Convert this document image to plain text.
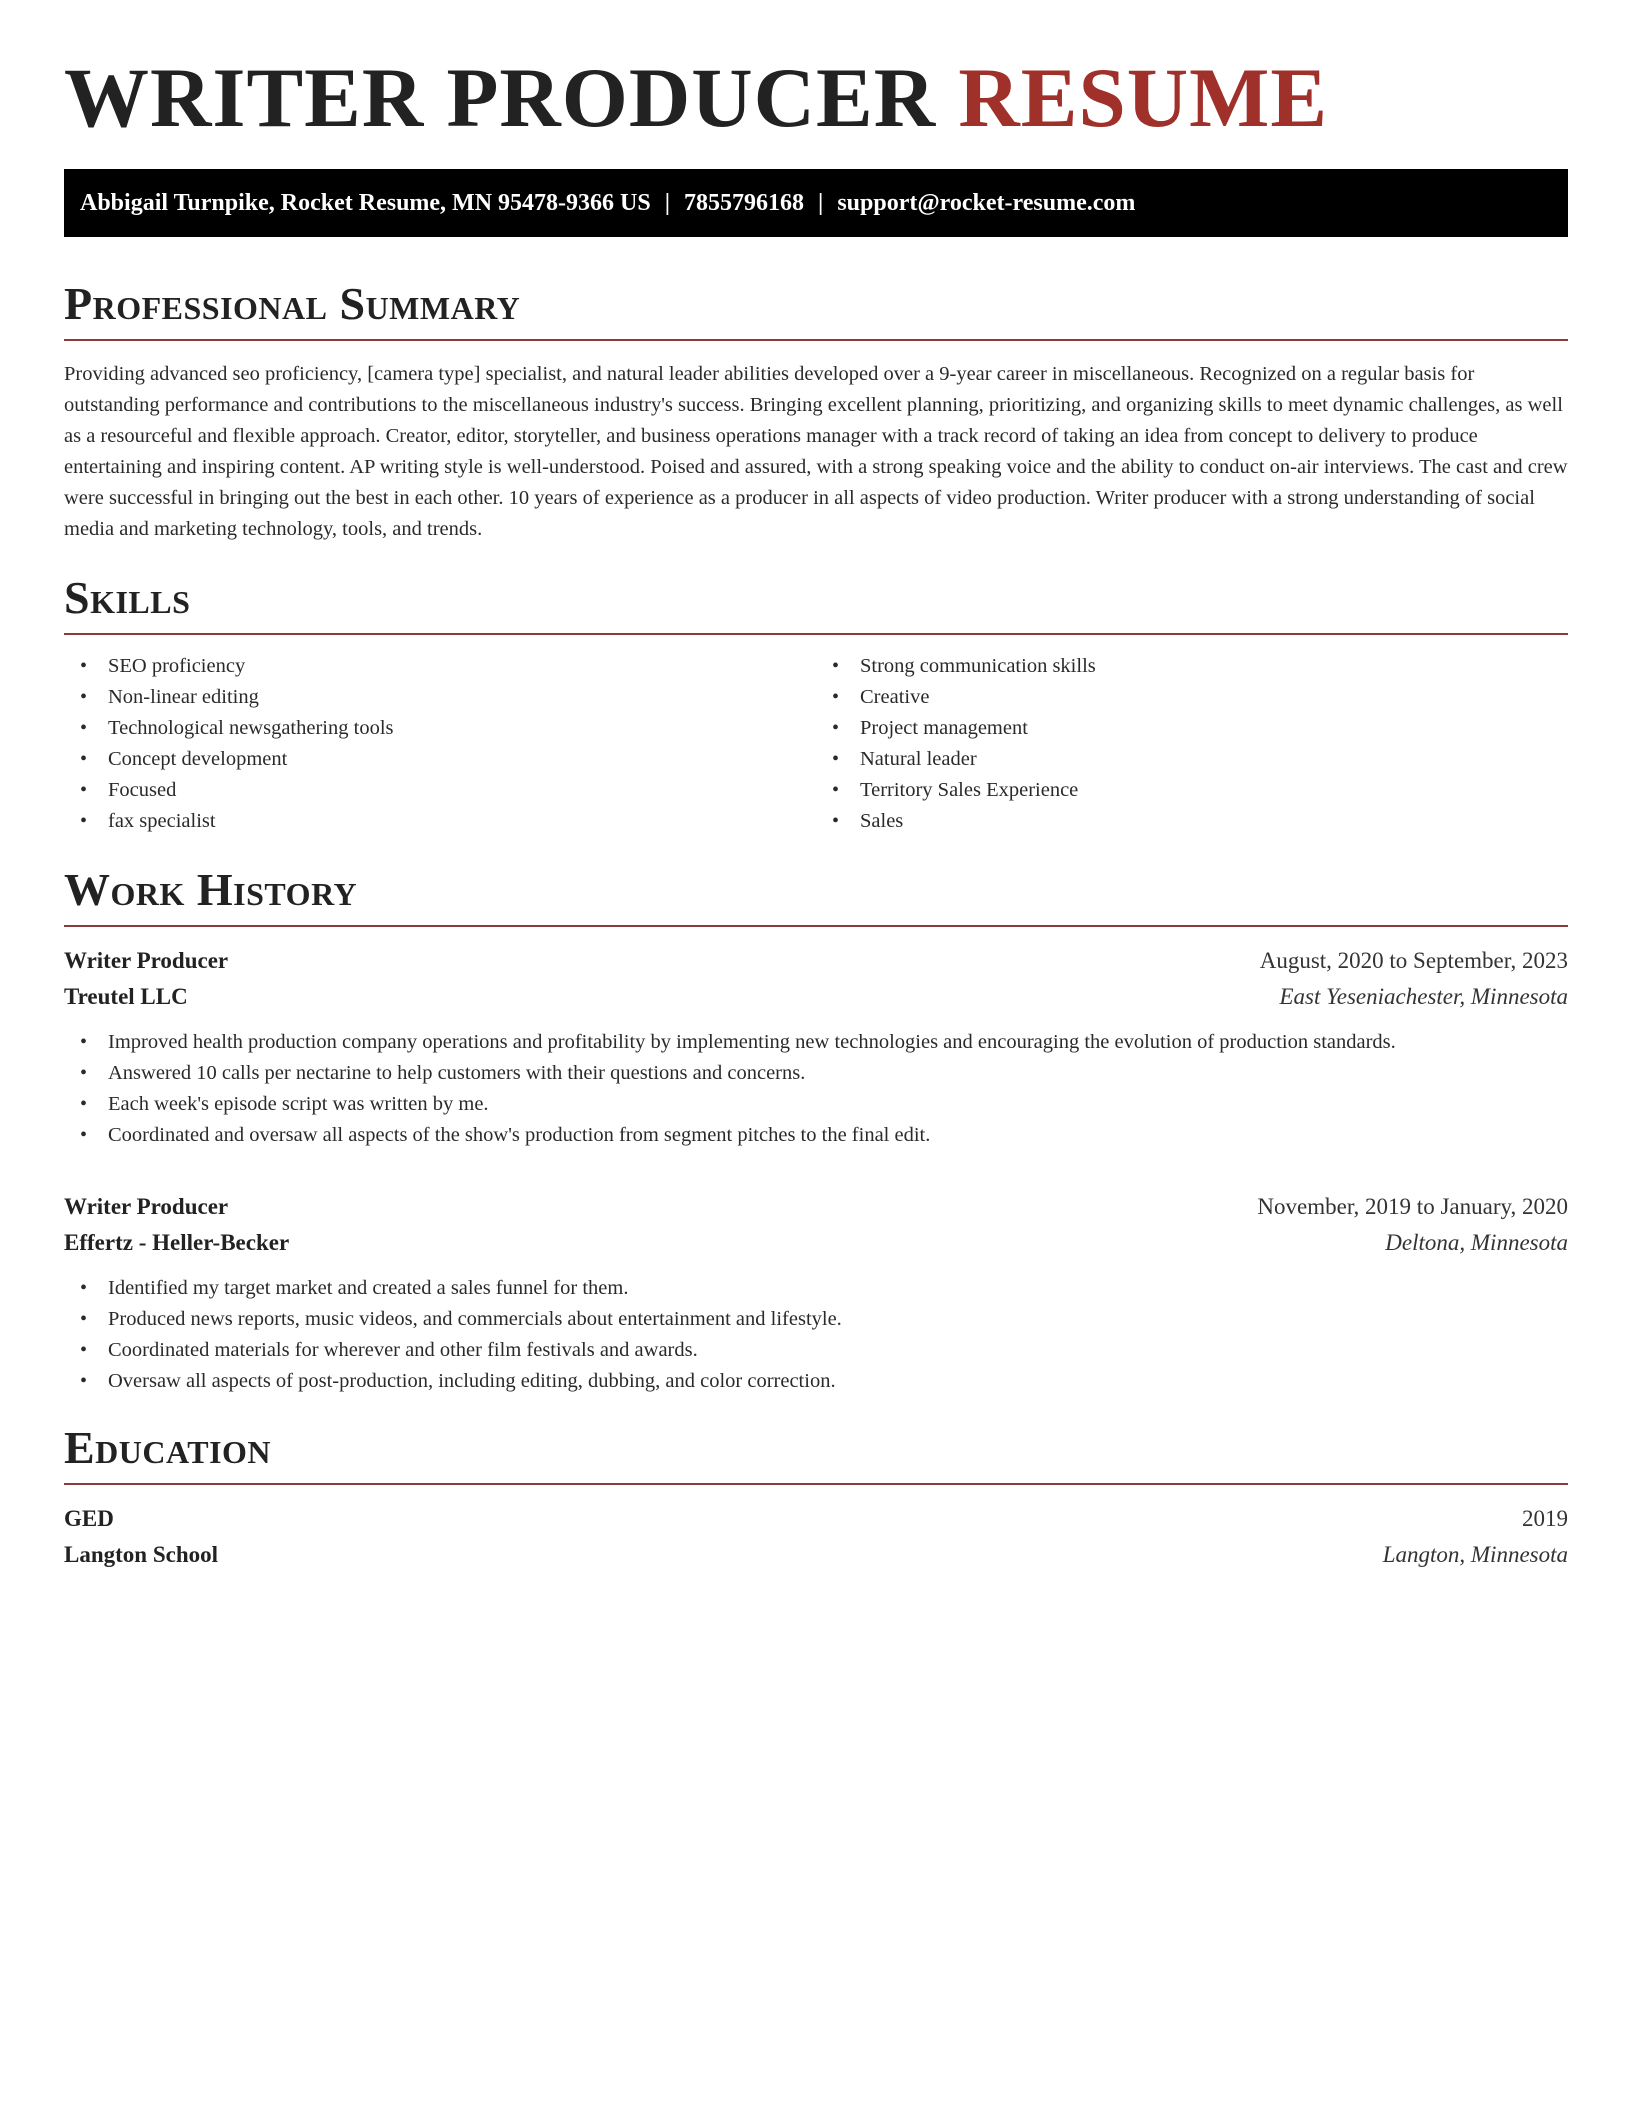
WRITER PRODUCER RESUME
Abbigail Turnpike, Rocket Resume, MN 95478-9366 US | 7855796168 | support@rocket-resume.com
Professional Summary

Providing advanced seo proficiency, [camera type] specialist, and natural leader abilities developed over a 9-year career in miscellaneous. Recognized on a regular basis for outstanding performance and contributions to the miscellaneous industry's success. Bringing excellent planning, prioritizing, and organizing skills to meet dynamic challenges, as well as a resourceful and flexible approach. Creator, editor, storyteller, and business operations manager with a track record of taking an idea from concept to delivery to produce entertaining and inspiring content. AP writing style is well-understood. Poised and assured, with a strong speaking voice and the ability to conduct on-air interviews. The cast and crew were successful in bringing out the best in each other. 10 years of experience as a producer in all aspects of video production. Writer producer with a strong understanding of social media and marketing technology, tools, and trends.

Skills
• SEO proficiency
• Non-linear editing
• Technological newsgathering tools
• Concept development
• Focused
• fax specialist
• Strong communication skills
• Creative
• Project management
• Natural leader
• Territory Sales Experience
• Sales
Work History
Writer Producer	August, 2020 to September, 2023
Treutel LLC	East Yeseniachester, Minnesota
• Improved health production company operations and profitability by implementing new technologies and encouraging the evolution of production standards.
• Answered 10 calls per nectarine to help customers with their questions and concerns.
• Each week's episode script was written by me.
• Coordinated and oversaw all aspects of the show's production from segment pitches to the final edit.
Writer Producer	November, 2019 to January, 2020
Effertz - Heller-Becker	Deltona, Minnesota
• Identified my target market and created a sales funnel for them.
• Produced news reports, music videos, and commercials about entertainment and lifestyle.
• Coordinated materials for wherever and other film festivals and awards.
• Oversaw all aspects of post-production, including editing, dubbing, and color correction.
Education
GED	2019
Langton School	Langton, Minnesota
